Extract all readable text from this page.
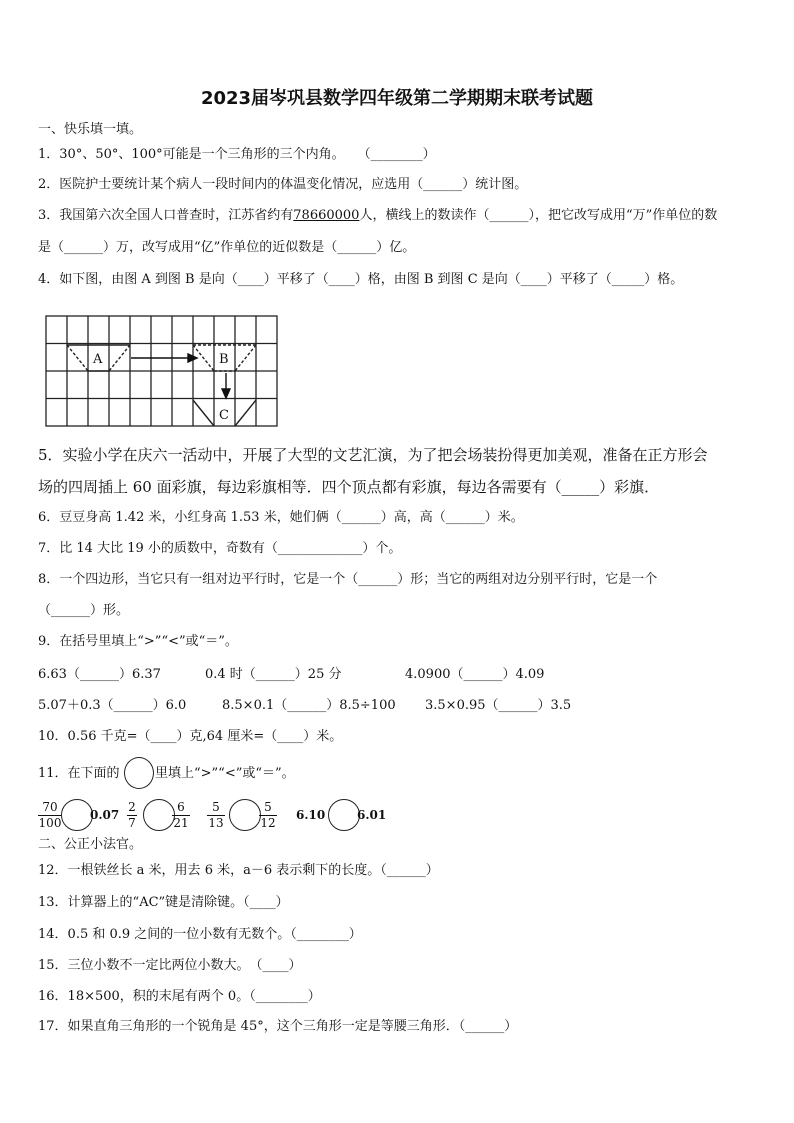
2023届岑巩县数学四年级第二学期期末联考试题
一、快乐填一填。
1．30°、50°、100°可能是一个三角形的三个内角。　　（________）
2．医院护士要统计某个病人一段时间内的体温变化情况，应选用（______）统计图。
3．我国第六次全国人口普查时，江苏省约有78660000人，横线上的数读作（______），把它改写成用“万”作单位的数
是（______）万，改写成用“亿”作单位的近似数是（______）亿。
4．如下图，由图 A 到图 B 是向（____）平移了（____）格，由图 B 到图 C 是向（____）平移了（_____）格。
A	B
C
5．实验小学在庆六一活动中，开展了大型的文艺汇演，为了把会场装扮得更加美观，准备在正方形会
场的四周插上 60 面彩旗，每边彩旗相等．四个顶点都有彩旗，每边各需要有（_____）彩旗．
6．豆豆身高 1.42 米，小红身高 1.53 米，她们俩（______）高，高（______）米。
7．比 14 大比 19 小的质数中，奇数有（_____________）个。
8．一个四边形，当它只有一组对边平行时，它是一个（______）形；当它的两组对边分别平行时，它是一个
（______）形。
9．在括号里填上“>”“<”或“＝”。
6.63（______）6.37	0.4 时（______）25 分	4.0900（______）4.09
5.07＋0.3（______）6.0	8.5×0.1（______）8.5÷100 3.5×0.95（______）3.5
10．0.56 千克=（____）克,64 厘米=（____）米。
11．在下面的	里填上“>”“<”或“＝”。
70
100
0.07
2
7
6
21
5
13
5
12
6.10	6.01
二、公正小法官。
12．一根铁丝长 a 米，用去 6 米，a－6 表示剩下的长度。（______）
13．计算器上的“AC”键是清除键。（____）
14．0.5 和 0.9 之间的一位小数有无数个。（________）
15．三位小数不一定比两位小数大。　（____）
16．18×500，积的末尾有两个 0。（________）
17．如果直角三角形的一个锐角是 45°，这个三角形一定是等腰三角形．（______）
